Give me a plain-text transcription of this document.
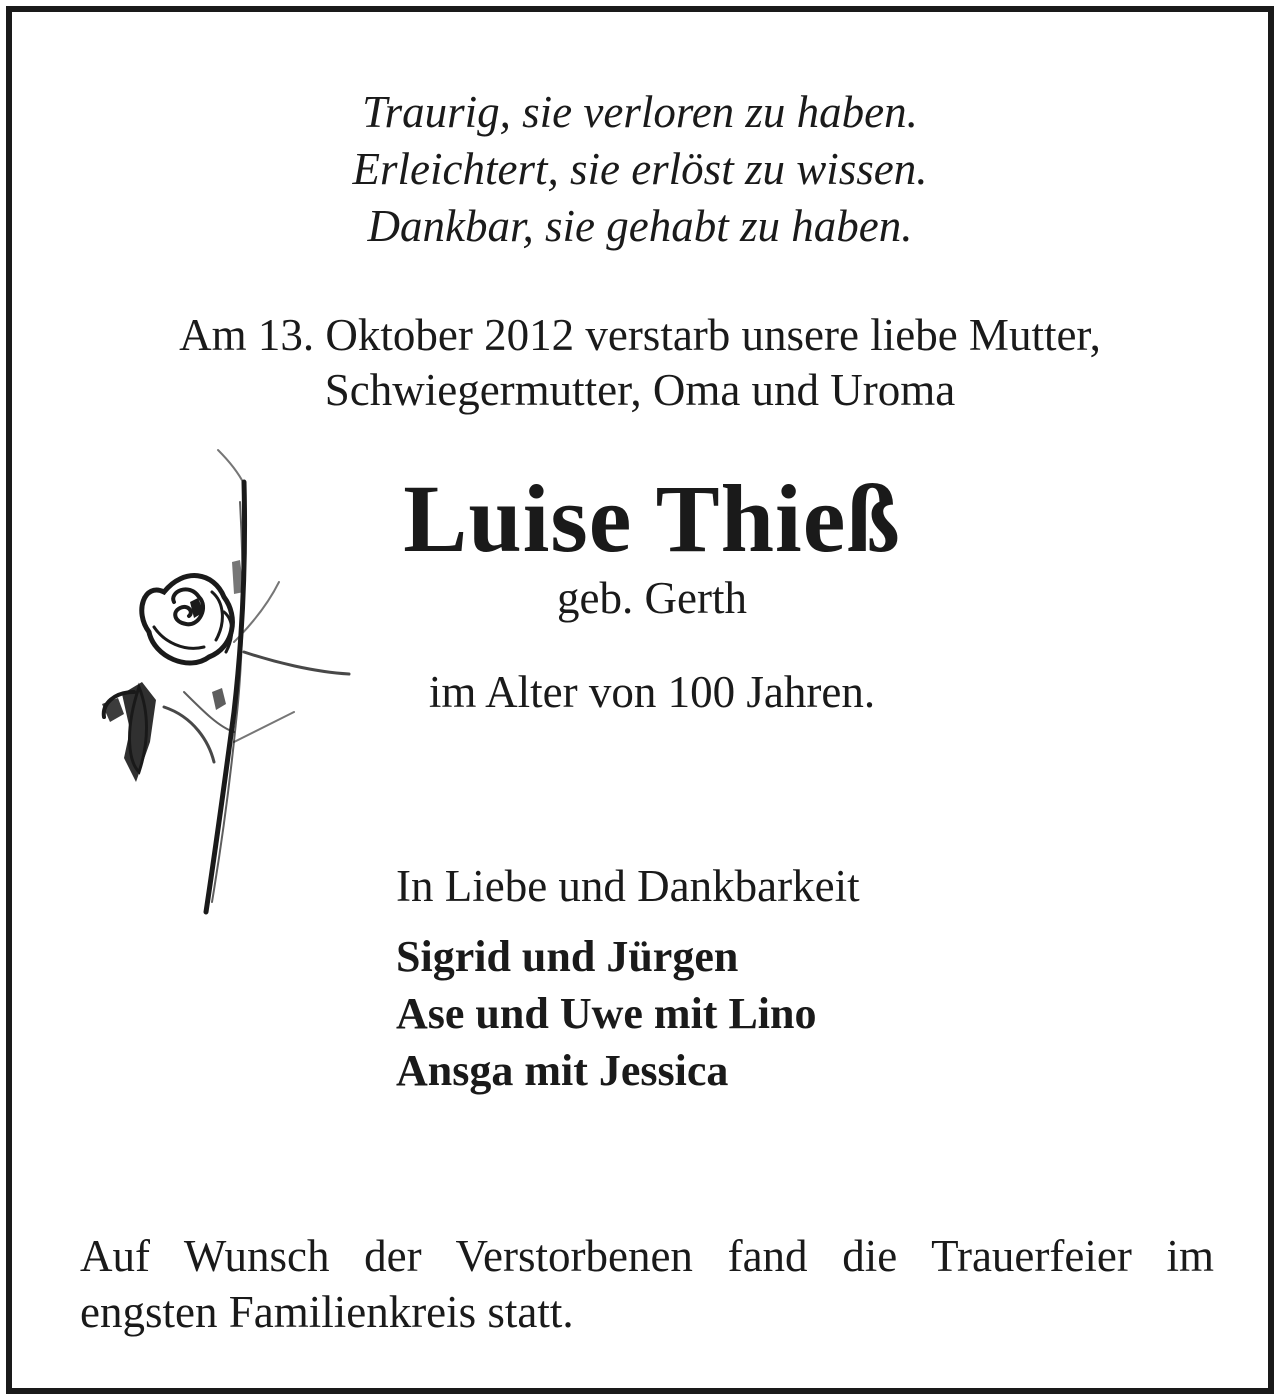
Traurig, sie verloren zu haben.
Erleichtert, sie erlöst zu wissen.
Dankbar, sie gehabt zu haben.
Am 13. Oktober 2012 verstarb unsere liebe Mutter,
Schwiegermutter, Oma und Uroma
Luise Thieß
geb. Gerth
im Alter von 100 Jahren.
In Liebe und Dankbarkeit
Sigrid und Jürgen
Ase und Uwe mit Lino
Ansga mit Jessica
Auf Wunsch der Verstorbenen fand die Trauerfeier im
engsten Familienkreis statt.
